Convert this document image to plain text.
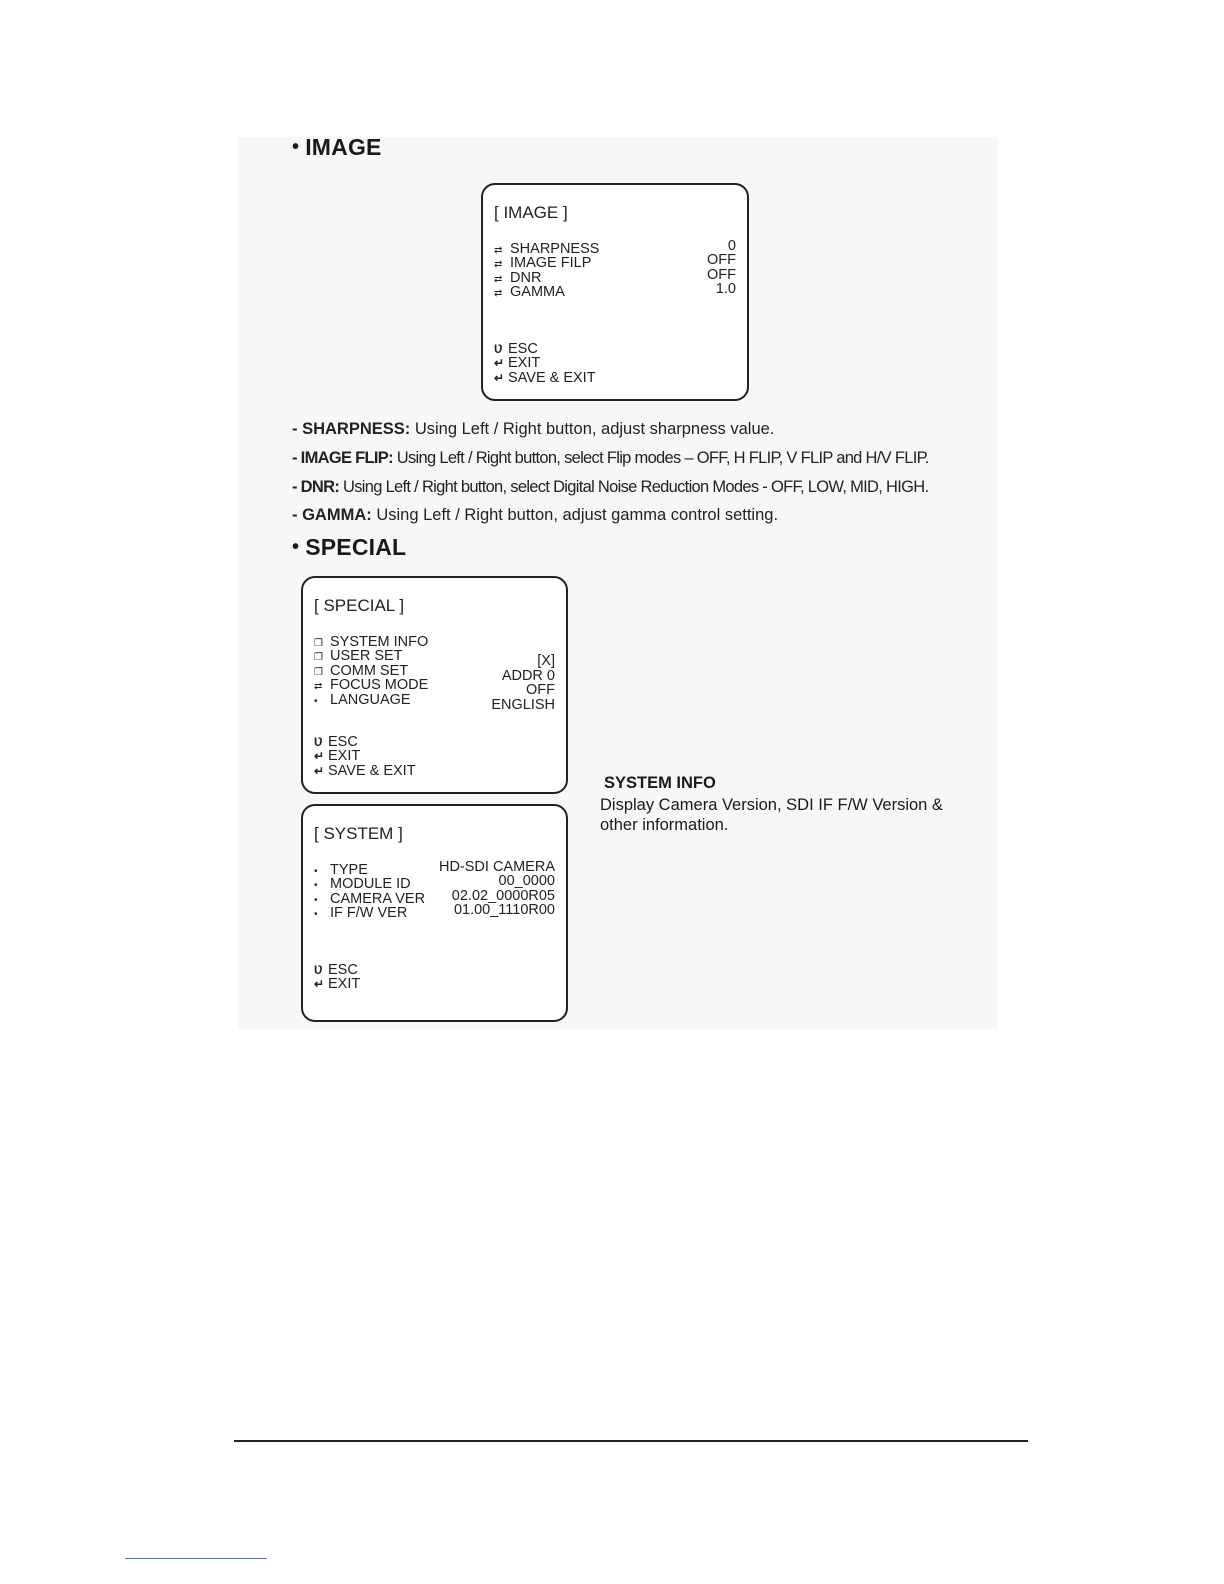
• IMAGE
[ IMAGE ]
⇄ SHARPNESS	0
⇄ IMAGE FILP	OFF
⇄ DNR	OFF
⇄ GAMMA	1.0
Ʋ ESC
↵ EXIT
↵ SAVE & EXIT
- SHARPNESS: Using Left / Right button, adjust sharpness value.
- IMAGE FLIP: Using Left / Right button, select Flip modes – OFF, H FLIP, V FLIP and H/V FLIP.
- DNR: Using Left / Right button, select Digital Noise Reduction Modes - OFF, LOW, MID, HIGH.
- GAMMA: Using Left / Right button, adjust gamma control setting.
• SPECIAL
[ SPECIAL ]
❐ SYSTEM INFO
❐ USER SET	[X]
❐ COMM SET	ADDR 0
⇄ FOCUS MODE	OFF
• LANGUAGE	ENGLISH
Ʋ ESC
↵ EXIT
↵ SAVE & EXIT
[ SYSTEM ]
• TYPE	HD-SDI CAMERA
• MODULE ID	00_0000
• CAMERA VER 02.02_0000R05
• IF F/W VER	01.00_1110R00
Ʋ ESC
↵ EXIT
SYSTEM INFO
Display Camera Version, SDI IF F/W Version & other information.
